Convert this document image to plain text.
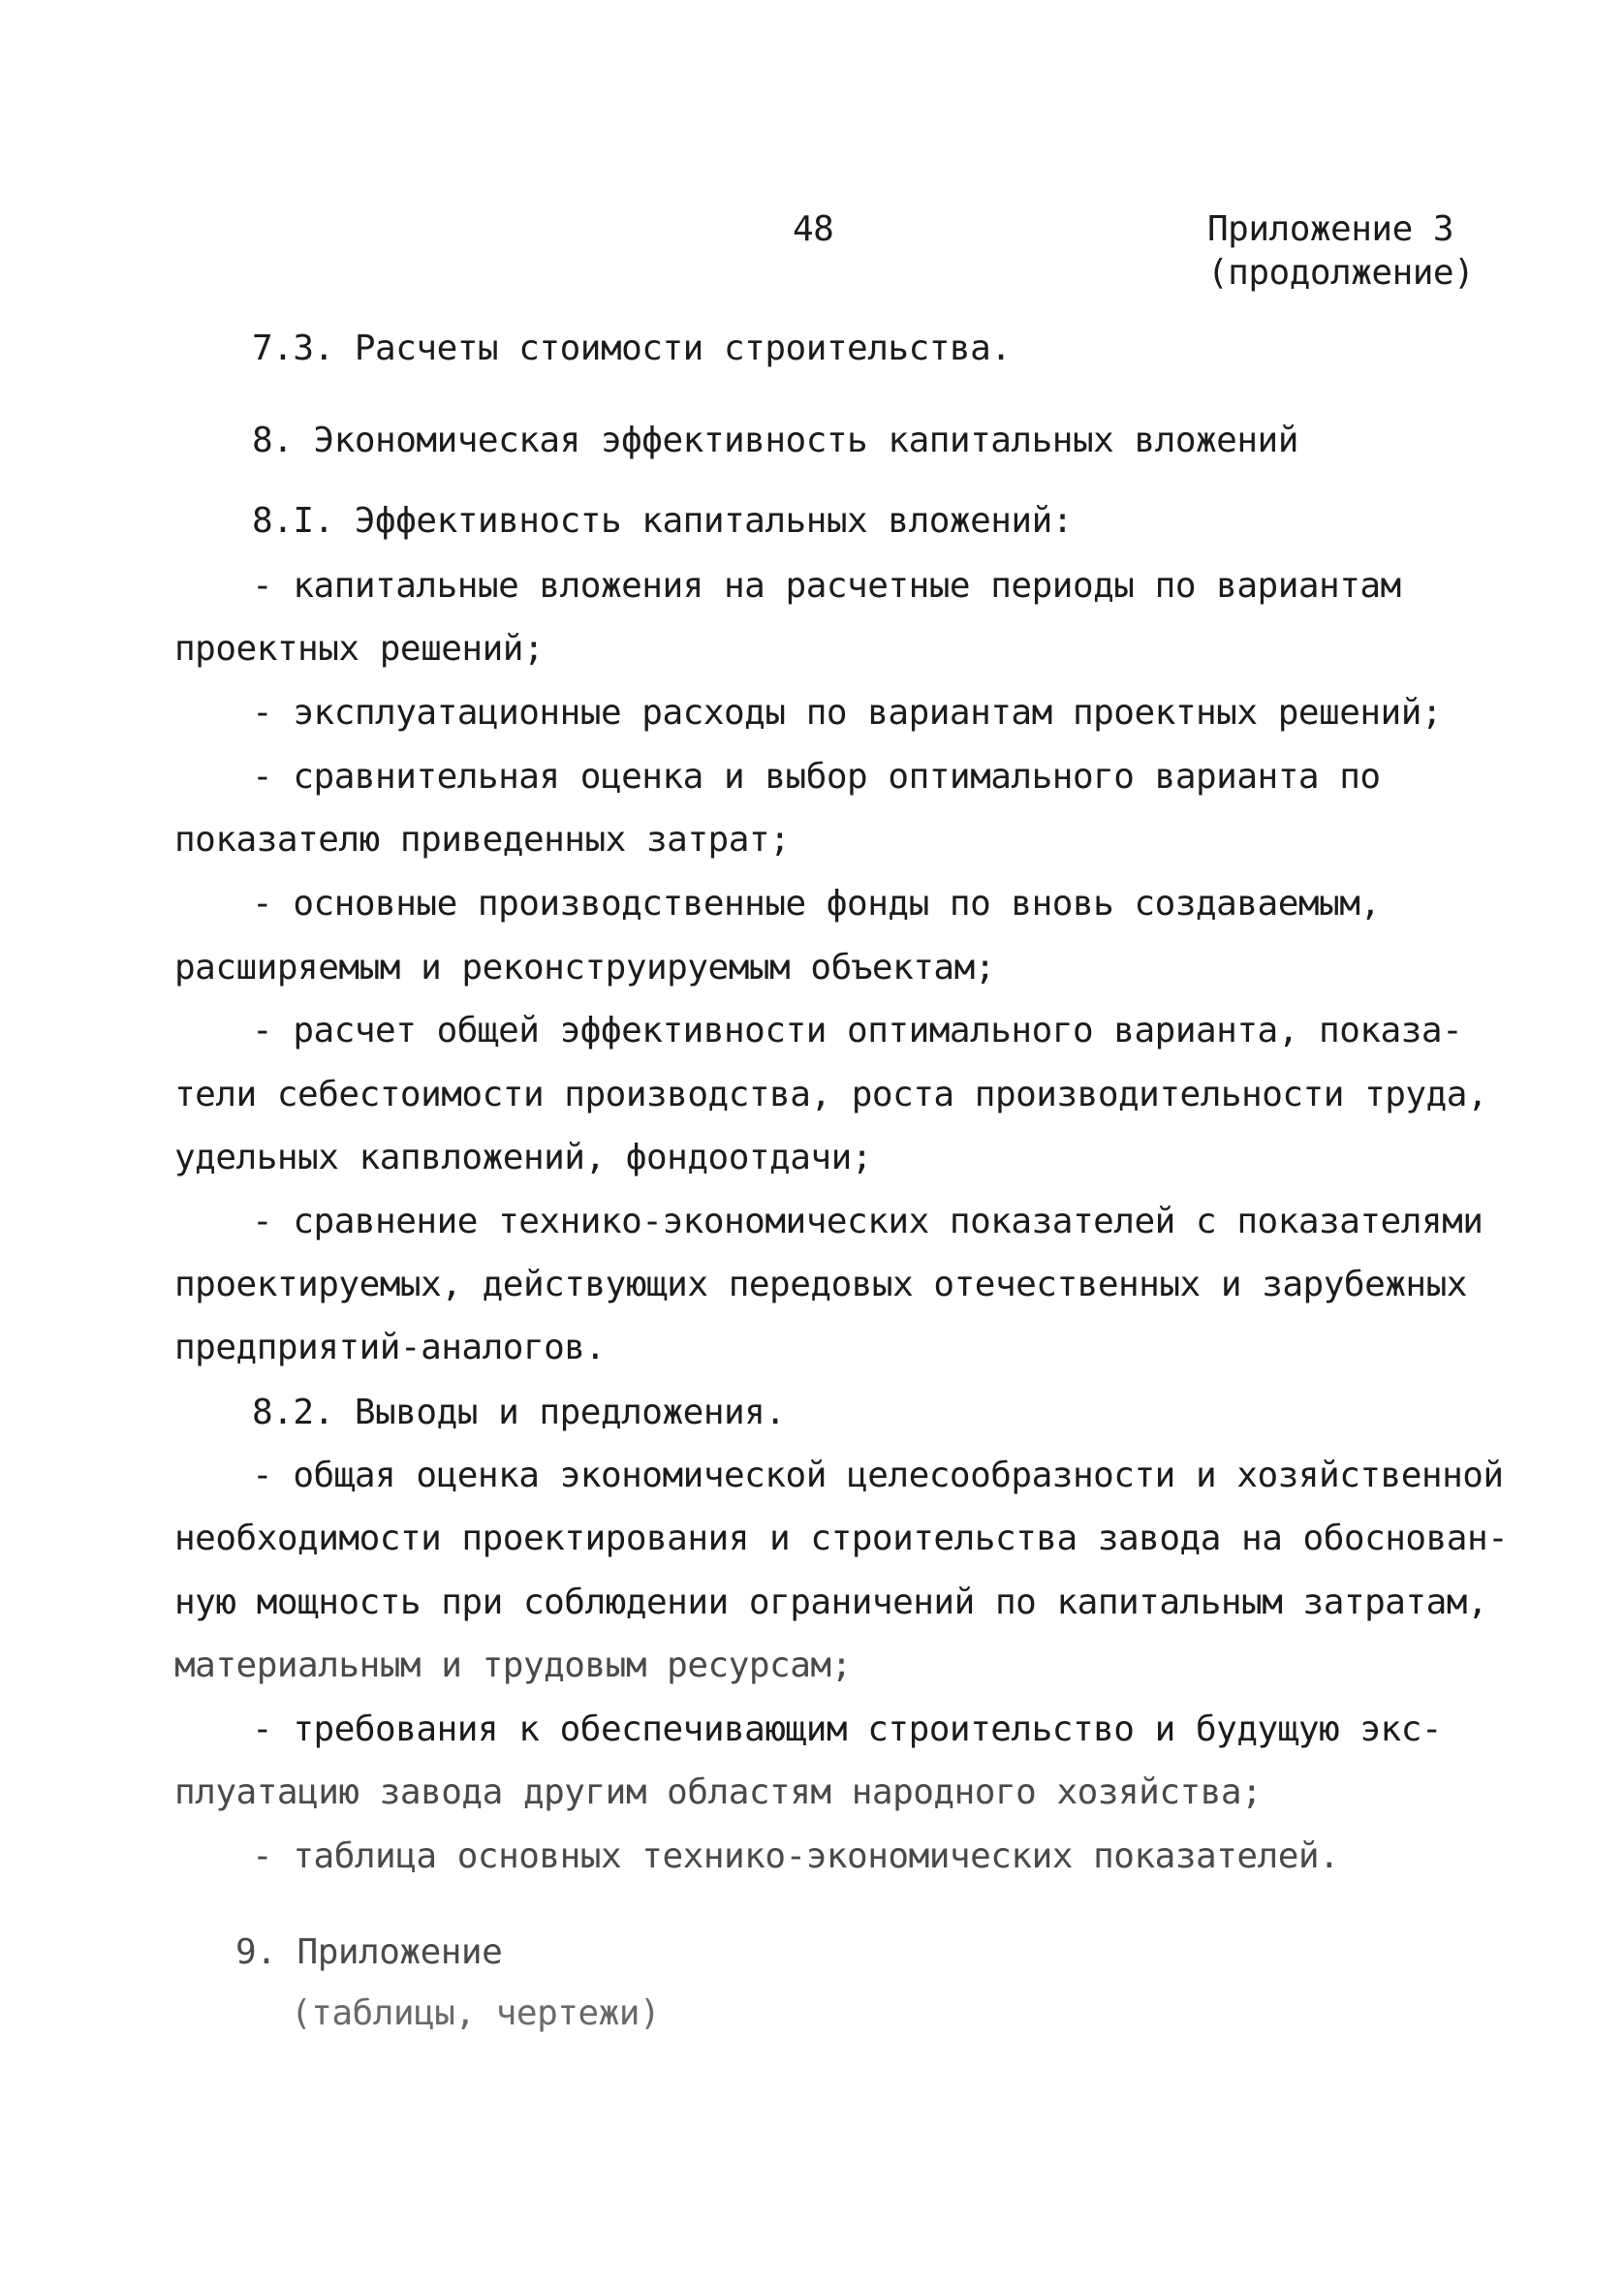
48	Приложение 3
(продолжение)
7.3. Расчеты стоимости строительства.
8. Экономическая эффективность капитальных вложений
8.I. Эффективность капитальных вложений:
- капитальные вложения на расчетные периоды по вариантам
проектных решений;
- эксплуатационные расходы по вариантам проектных решений;
- сравнительная оценка и выбор оптимального варианта по
показателю приведенных затрат;
- основные производственные фонды по вновь создаваемым,
расширяемым и реконструируемым объектам;
- расчет общей эффективности оптимального варианта, показа-
тели себестоимости производства, роста производительности труда,
удельных капвложений, фондоотдачи;
- сравнение технико-экономических показателей с показателями
проектируемых, действующих передовых отечественных и зарубежных
предприятий-аналогов.
8.2. Выводы и предложения.
- общая оценка экономической целесообразности и хозяйственной
необходимости проектирования и строительства завода на обоснован-
ную мощность при соблюдении ограничений по капитальным затратам,
материальным и трудовым ресурсам;
- требования к обеспечивающим строительство и будущую экс-
плуатацию завода другим областям народного хозяйства;
- таблица основных технико-экономических показателей.
9. Приложение
(таблицы, чертежи)
